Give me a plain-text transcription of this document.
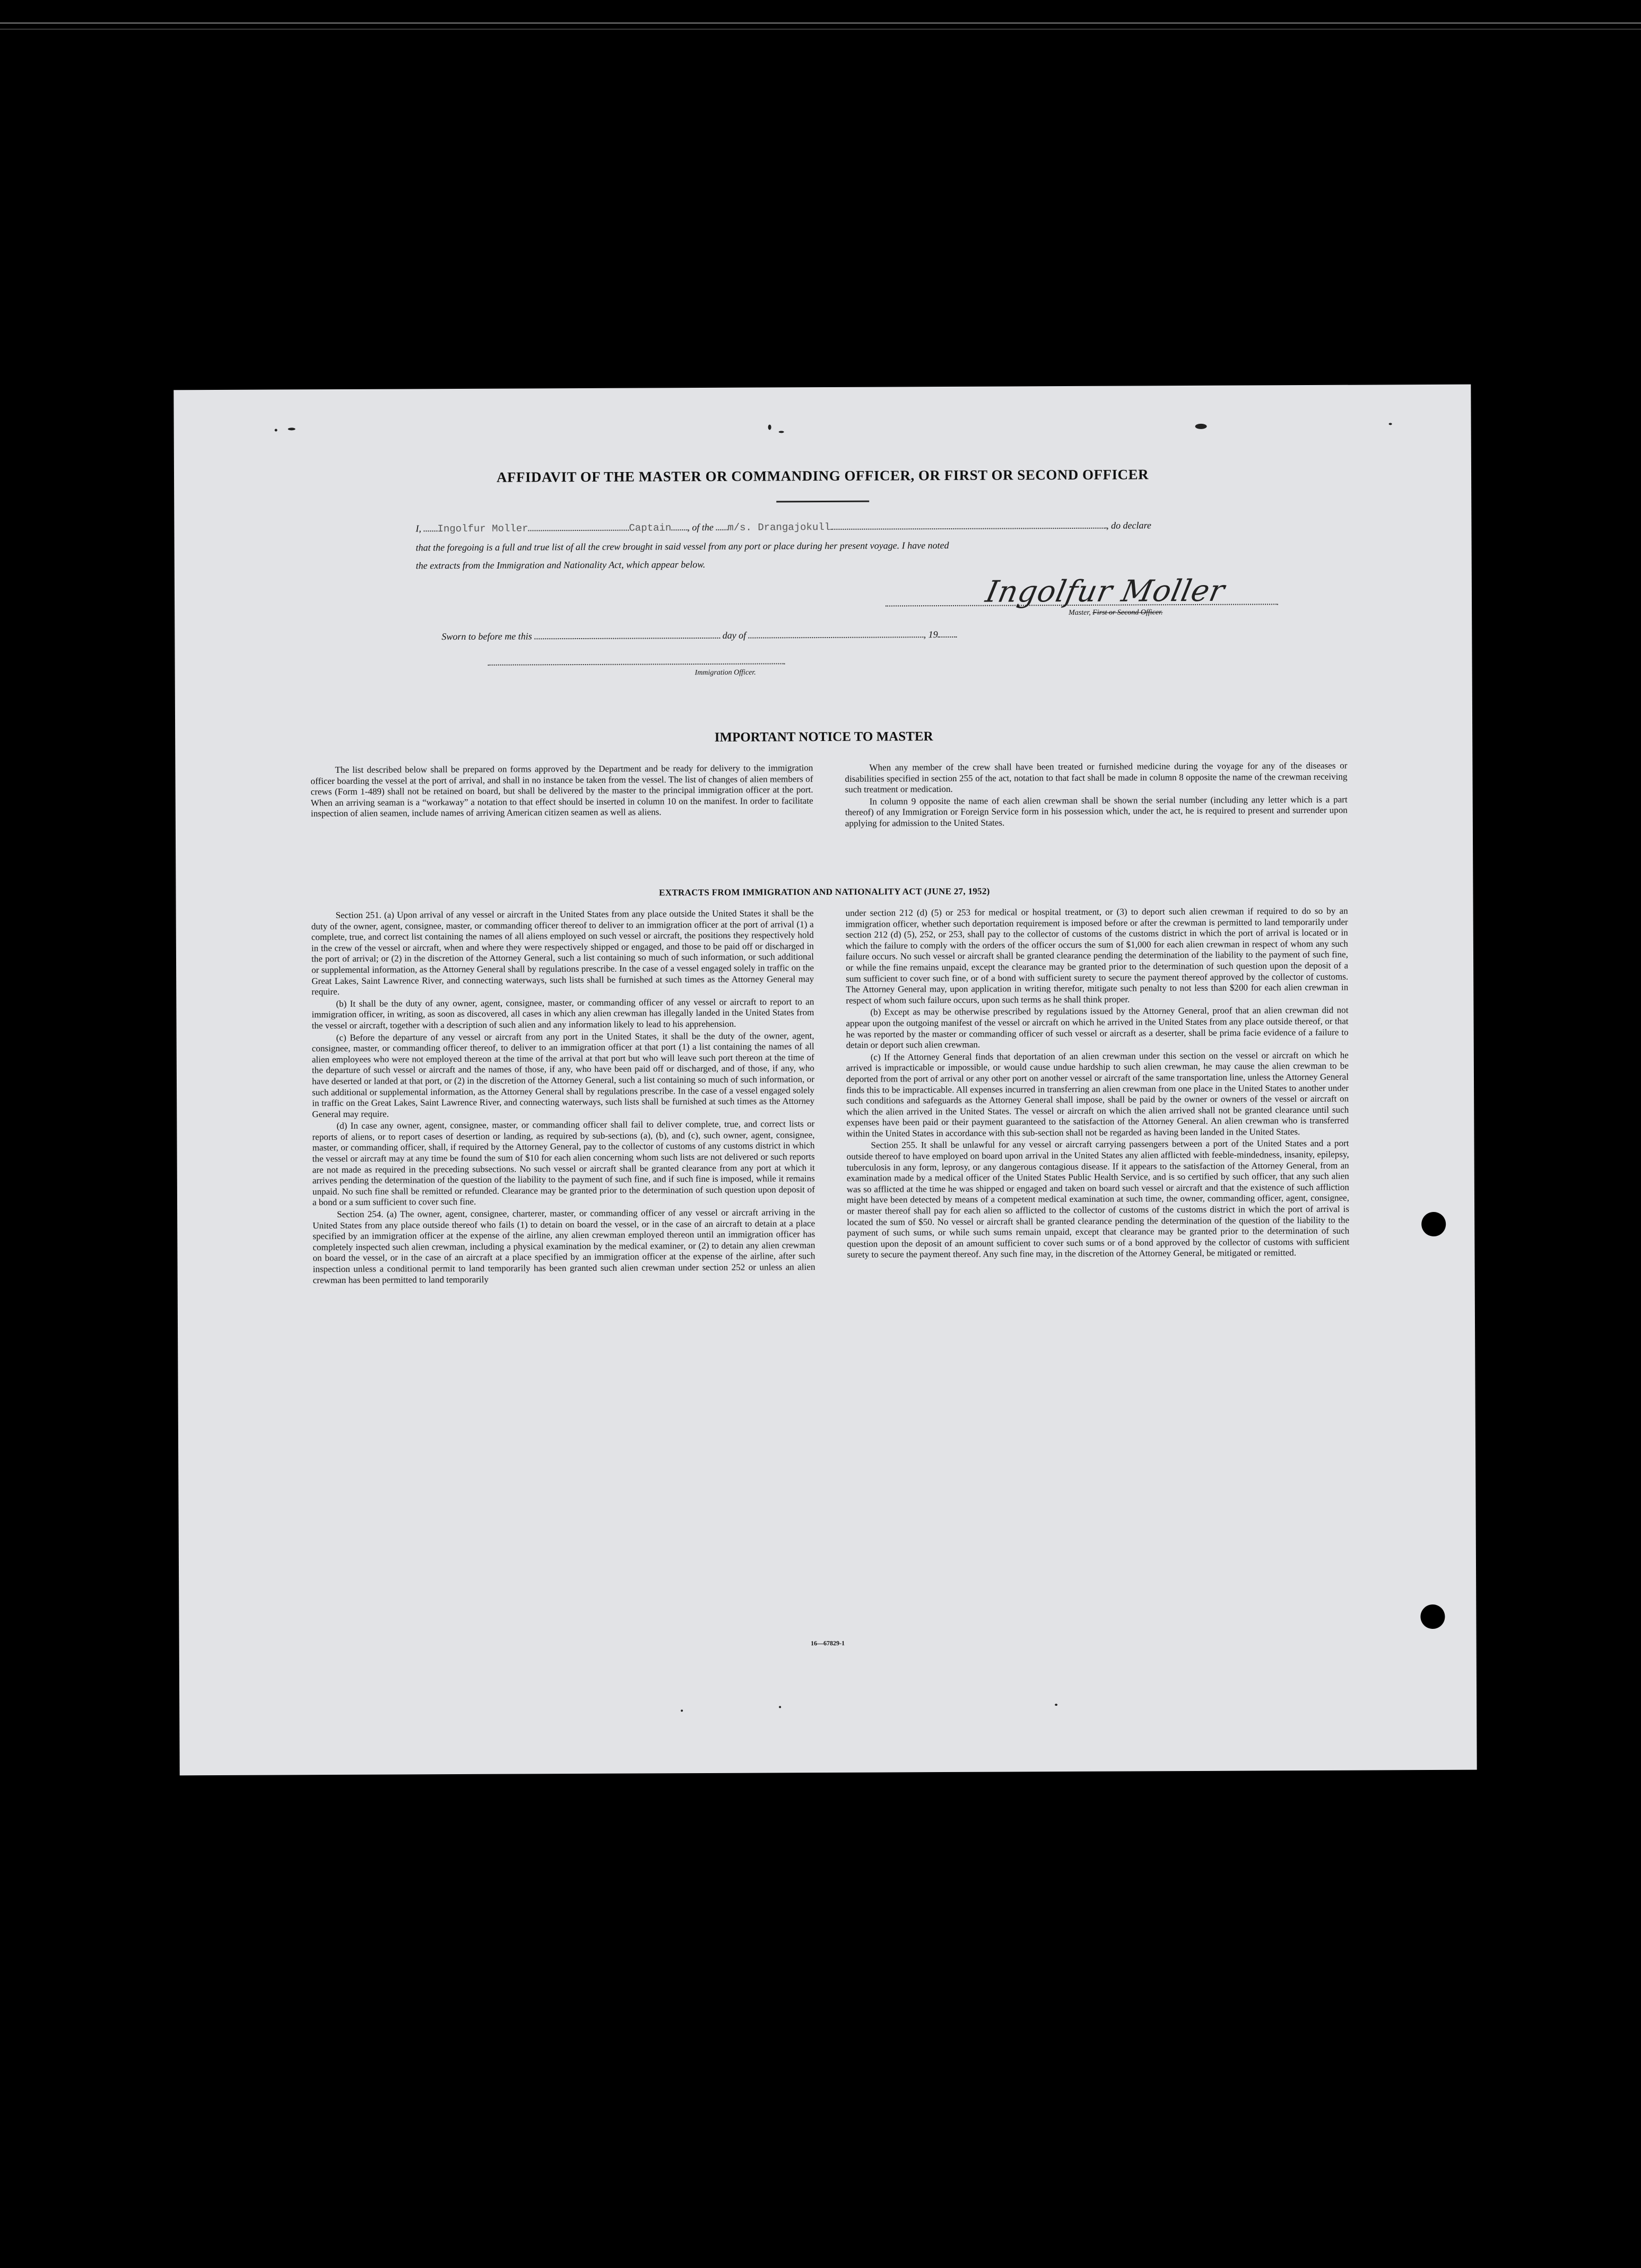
AFFIDAVIT OF THE MASTER OR COMMANDING OFFICER, OR FIRST OR SECOND OFFICER
I, Ingolfur Moller	Captain , of the m/s. Drangajokull	, do declare
that the foregoing is a full and true list of all the crew brought in said vessel from any port or place during her present voyage. I have noted
the extracts from the Immigration and Nationality Act, which appear below.
Ingolfur Moller
Master, First or Second Officer.
Sworn to before me this	day of	, 19
Immigration Officer.
IMPORTANT NOTICE TO MASTER

The list described below shall be prepared on forms approved by the Department and be ready for delivery to the immigration officer boarding the vessel at the port of arrival, and shall in no instance be taken from the vessel. The list of changes of alien members of crews (Form 1-489) shall not be retained on board, but shall be delivered by the master to the principal immigration officer at the port. When an arriving seaman is a “workaway” a notation to that effect should be inserted in column 10 on the manifest. In order to facilitate inspection of alien seamen, include names of arriving American citizen seamen as well as aliens.

When any member of the crew shall have been treated or furnished medicine during the voyage for any of the diseases or disabilities specified in section 255 of the act, notation to that fact shall be made in column 8 opposite the name of the crewman receiving such treatment or medication.

In column 9 opposite the name of each alien crewman shall be shown the serial number (including any letter which is a part thereof) of any Immigration or Foreign Service form in his possession which, under the act, he is required to present and surrender upon applying for admission to the United States.

EXTRACTS FROM IMMIGRATION AND NATIONALITY ACT (JUNE 27, 1952)

Section 251. (a) Upon arrival of any vessel or aircraft in the United States from any place outside the United States it shall be the duty of the owner, agent, consignee, master, or commanding officer thereof to deliver to an immigration officer at the port of arrival (1) a complete, true, and correct list containing the names of all aliens employed on such vessel or aircraft, the positions they respectively hold in the crew of the vessel or aircraft, when and where they were respectively shipped or engaged, and those to be paid off or discharged in the port of arrival; or (2) in the discretion of the Attorney General, such a list containing so much of such information, or such additional or supplemental information, as the Attorney General shall by regulations prescribe. In the case of a vessel engaged solely in traffic on the Great Lakes, Saint Lawrence River, and connecting waterways, such lists shall be furnished at such times as the Attorney General may require.

(b) It shall be the duty of any owner, agent, consignee, master, or commanding officer of any vessel or aircraft to report to an immigration officer, in writing, as soon as discovered, all cases in which any alien crewman has illegally landed in the United States from the vessel or aircraft, together with a description of such alien and any information likely to lead to his apprehension.

(c) Before the departure of any vessel or aircraft from any port in the United States, it shall be the duty of the owner, agent, consignee, master, or commanding officer thereof, to deliver to an immigration officer at that port (1) a list containing the names of all alien employees who were not employed thereon at the time of the arrival at that port but who will leave such port thereon at the time of the departure of such vessel or aircraft and the names of those, if any, who have been paid off or discharged, and of those, if any, who have deserted or landed at that port, or (2) in the discretion of the Attorney General, such a list containing so much of such information, or such additional or supplemental information, as the Attorney General shall by regulations prescribe. In the case of a vessel engaged solely in traffic on the Great Lakes, Saint Lawrence River, and connecting waterways, such lists shall be furnished at such times as the Attorney General may require.

(d) In case any owner, agent, consignee, master, or commanding officer shall fail to deliver complete, true, and correct lists or reports of aliens, or to report cases of desertion or landing, as required by sub-sections (a), (b), and (c), such owner, agent, consignee, master, or commanding officer, shall, if required by the Attorney General, pay to the collector of customs of any customs district in which the vessel or aircraft may at any time be found the sum of $10 for each alien concerning whom such lists are not delivered or such reports are not made as required in the preceding subsections. No such vessel or aircraft shall be granted clearance from any port at which it arrives pending the determination of the question of the liability to the payment of such fine, and if such fine is imposed, while it remains unpaid. No such fine shall be remitted or refunded. Clearance may be granted prior to the determination of such question upon deposit of a bond or a sum sufficient to cover such fine.

Section 254. (a) The owner, agent, consignee, charterer, master, or commanding officer of any vessel or aircraft arriving in the United States from any place outside thereof who fails (1) to detain on board the vessel, or in the case of an aircraft to detain at a place specified by an immigration officer at the expense of the airline, any alien crewman employed thereon until an immigration officer has completely inspected such alien crewman, including a physical examination by the medical examiner, or (2) to detain any alien crewman on board the vessel, or in the case of an aircraft at a place specified by an immigration officer at the expense of the airline, after such inspection unless a conditional permit to land temporarily has been granted such alien crewman under section 252 or unless an alien crewman has been permitted to land temporarily

under section 212 (d) (5) or 253 for medical or hospital treatment, or (3) to deport such alien crewman if required to do so by an immigration officer, whether such deportation requirement is imposed before or after the crewman is permitted to land temporarily under section 212 (d) (5), 252, or 253, shall pay to the collector of customs of the customs district in which the port of arrival is located or in which the failure to comply with the orders of the officer occurs the sum of $1,000 for each alien crewman in respect of whom any such failure occurs. No such vessel or aircraft shall be granted clearance pending the determination of the liability to the payment of such fine, or while the fine remains unpaid, except the clearance may be granted prior to the determination of such question upon the deposit of a sum sufficient to cover such fine, or of a bond with sufficient surety to secure the payment thereof approved by the collector of customs. The Attorney General may, upon application in writing therefor, mitigate such penalty to not less than $200 for each alien crewman in respect of whom such failure occurs, upon such terms as he shall think proper.

(b) Except as may be otherwise prescribed by regulations issued by the Attorney General, proof that an alien crewman did not appear upon the outgoing manifest of the vessel or aircraft on which he arrived in the United States from any place outside thereof, or that he was reported by the master or commanding officer of such vessel or aircraft as a deserter, shall be prima facie evidence of a failure to detain or deport such alien crewman.

(c) If the Attorney General finds that deportation of an alien crewman under this section on the vessel or aircraft on which he arrived is impracticable or impossible, or would cause undue hardship to such alien crewman, he may cause the alien crewman to be deported from the port of arrival or any other port on another vessel or aircraft of the same transportation line, unless the Attorney General finds this to be impracticable. All expenses incurred in transferring an alien crewman from one place in the United States to another under such conditions and safeguards as the Attorney General shall impose, shall be paid by the owner or owners of the vessel or aircraft on which the alien arrived in the United States. The vessel or aircraft on which the alien arrived shall not be granted clearance until such expenses have been paid or their payment guaranteed to the satisfaction of the Attorney General. An alien crewman who is transferred within the United States in accordance with this sub-section shall not be regarded as having been landed in the United States.

Section 255. It shall be unlawful for any vessel or aircraft carrying passengers between a port of the United States and a port outside thereof to have employed on board upon arrival in the United States any alien afflicted with feeble-mindedness, insanity, epilepsy, tuberculosis in any form, leprosy, or any dangerous contagious disease. If it appears to the satisfaction of the Attorney General, from an examination made by a medical officer of the United States Public Health Service, and is so certified by such officer, that any such alien was so afflicted at the time he was shipped or engaged and taken on board such vessel or aircraft and that the existence of such affliction might have been detected by means of a competent medical examination at such time, the owner, commanding officer, agent, consignee, or master thereof shall pay for each alien so afflicted to the collector of customs of the customs district in which the port of arrival is located the sum of $50. No vessel or aircraft shall be granted clearance pending the determination of the question of the liability to the payment of such sums, or while such sums remain unpaid, except that clearance may be granted prior to the determination of such question upon the deposit of an amount sufficient to cover such sums or of a bond approved by the collector of customs with sufficient surety to secure the payment thereof. Any such fine may, in the discretion of the Attorney General, be mitigated or remitted.

16—67829-1
